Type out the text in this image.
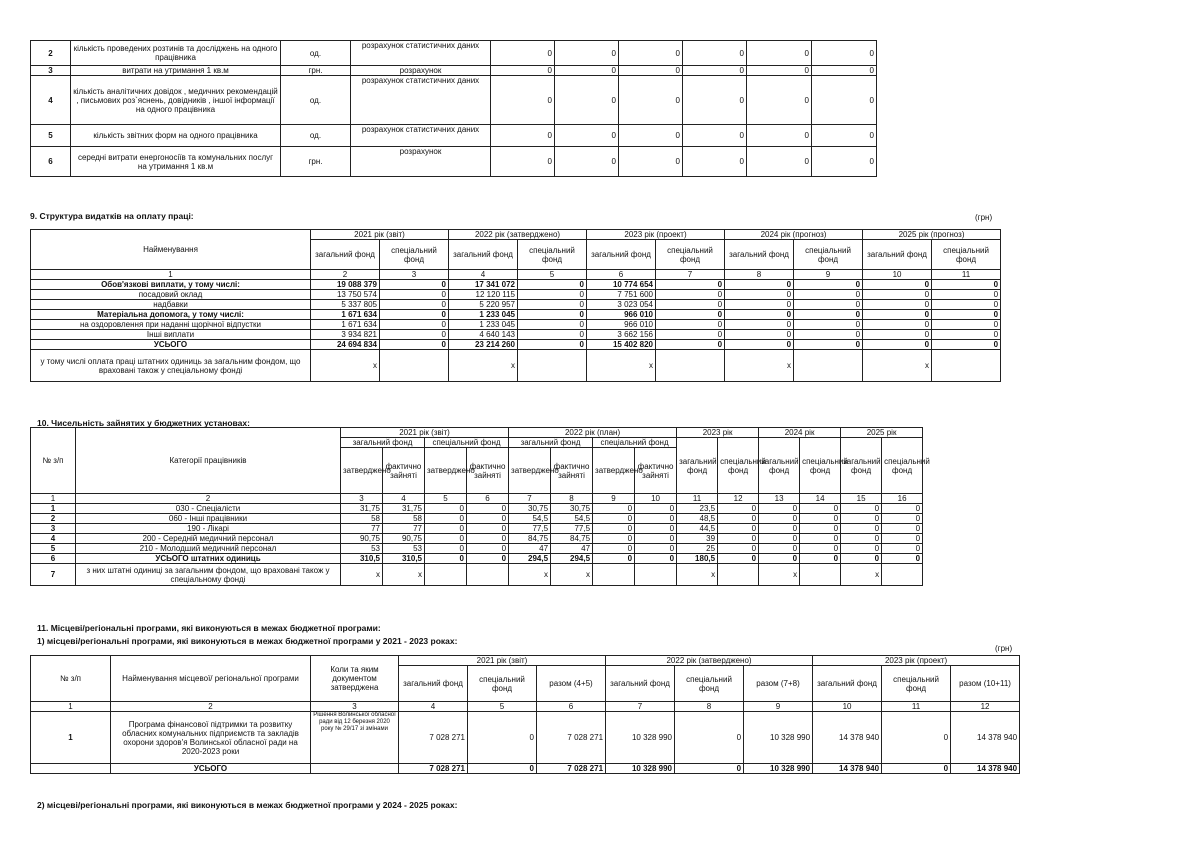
2	кількість проведених розтинів та досліджень на одного працівника	од.	розрахунок статистичних даних	0	0	0	0	0	0
3	витрати на утримання 1 кв.м	грн.	розрахунок	0	0	0	0	0	0
4	кількість аналітичних довідок , медичних рекомендацій , письмових роз`яснень, довідників , іншої інформації на одного працівника	од.	розрахунок статистичних даних	0	0	0	0	0	0
5	кількість звітних форм на одного працівника	од.	розрахунок статистичних даних	0	0	0	0	0	0
6	середні витрати енергоносіїв та комунальних послуг на утримання 1 кв.м	грн.	розрахунок	0	0	0	0	0	0
9. Структура видатків на оплату праці:	(грн)
Найменування	2021 рік (звіт)		2022 рік (затверджено)		2023 рік (проект)		2024 рік (прогноз)		2025 рік (прогноз)	
	загальний фонд	спеціальний фонд	загальний фонд	спеціальний фонд	загальний фонд	спеціальний фонд	загальний фонд	спеціальний фонд	загальний фонд	спеціальний фонд
1	2	3	4	5	6	7	8	9	10	11
Обов'язкові виплати, у тому числі:	19 088 379	0	17 341 072	0	10 774 654	0	0	0	0	0
посадовий оклад	13 750 574	0	12 120 115	0	7 751 600	0	0	0	0	0
надбавки	5 337 805	0	5 220 957	0	3 023 054	0	0	0	0	0
Матеріальна допомога, у тому числі:	1 671 634	0	1 233 045	0	966 010	0	0	0	0	0
на оздоровлення при наданні щорічної відпустки	1 671 634	0	1 233 045	0	966 010	0	0	0	0	0
Інші виплати	3 934 821	0	4 640 143	0	3 662 156	0	0	0	0	0
УСЬОГО	24 694 834	0	23 214 260	0	15 402 820	0	0	0	0	0
у тому числі оплата праці штатних одиниць за загальним фондом, що враховані також у спеціальному фонді	x		x		x		x		x	
10. Чисельність зайнятих у бюджетних установах:
№ з/п	Категорії працівників	2021 рік (звіт)				2022 рік (план)				2023 рік		2024 рік		2025 рік	
		загальний фонд		спеціальний фонд		загальний фонд		спеціальний фонд		загальний фонд	спеціальний фонд	загальний фонд	спеціальний фонд	загальний фонд	спеціальний фонд
		затверджено	фактично зайняті	затверджено	фактично зайняті	затверджено	фактично зайняті	затверджено	фактично зайняті						
1	2	3	4	5	6	7	8	9	10	11	12	13	14	15	16
1	030 - Спеціалісти	31,75	31,75	0	0	30,75	30,75	0	0	23,5	0	0	0	0	0
2	060 - Інші працівники	58	58	0	0	54,5	54,5	0	0	48,5	0	0	0	0	0
3	190 - Лікарі	77	77	0	0	77,5	77,5	0	0	44,5	0	0	0	0	0
4	200 - Середній медичний персонал	90,75	90,75	0	0	84,75	84,75	0	0	39	0	0	0	0	0
5	210 - Молодший медичний персонал	53	53	0	0	47	47	0	0	25	0	0	0	0	0
6	УСЬОГО штатних одиниць	310,5	310,5	0	0	294,5	294,5	0	0	180,5	0	0	0	0	0
7	з них штатні одиниці за загальним фондом, що враховані також у спеціальному фонді	x	x			x	x			x		x		x	
11. Місцеві/регіональні програми, які виконуються в межах бюджетної програми:
1) місцеві/регіональні програми, які виконуються в межах бюджетної програми у 2021 - 2023 роках:
(грн)
№ з/п	Найменування місцевої/ регіональної програми	Коли та яким документом затверджена	2021 рік (звіт)			2022 рік (затверджено)			2023 рік (проект)		
			загальний фонд	спеціальний фонд	разом (4+5)	загальний фонд	спеціальний фонд	разом (7+8)	загальний фонд	спеціальний фонд	разом (10+11)
1	2	3	4	5	6	7	8	9	10	11	12
1	Програма фінансової підтримки та розвитку обласних комунальних підприємств та закладів охорони здоров'я Волинської обласної ради на 2020-2023 роки	Рішення Волинської обласної ради від 12 березня 2020 року № 29/17 зі змінами	7 028 271	0	7 028 271	10 328 990	0	10 328 990	14 378 940	0	14 378 940
	УСЬОГО		7 028 271	0	7 028 271	10 328 990	0	10 328 990	14 378 940	0	14 378 940
2) місцеві/регіональні програми, які виконуються в межах бюджетної програми у 2024 - 2025 роках:
